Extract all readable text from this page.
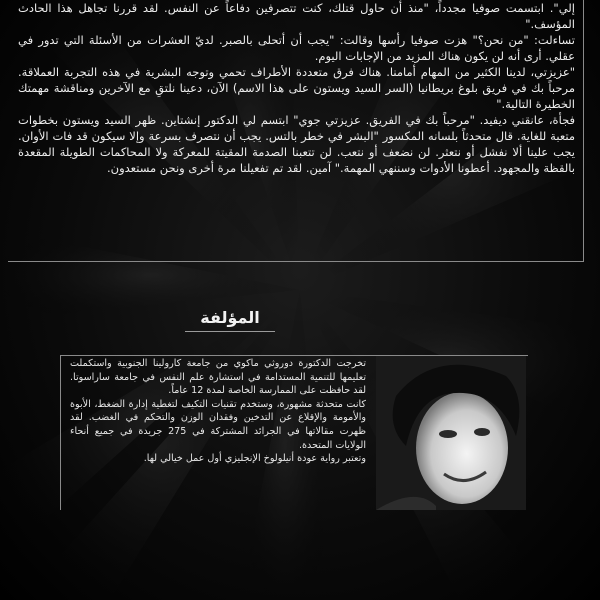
إلي". ابتسمت صوفيا مجدداً، "منذ أن حاول قتلك، كنت تتصرفين دفاعاً عن النفس. لقد قررنا تجاهل هذا الحادث المؤسف."

تساءلت: "من نحن؟" هزت صوفيا رأسها وقالت: "يجب أن أتحلى بالصبر. لديّ العشرات من الأسئلة التي تدور في عقلي. أرى أنه لن يكون هناك المزيد من الإجابات اليوم.

"عزيزتي، لدينا الكثير من المهام أمامنا. هناك فرق متعددة الأطراف تحمي وتوجه البشرية في هذه التجربة العملاقة. مرحباً بك في فريق بلوغ بريطانيا (السر السيد ويستون على هذا الاسم) الآن، دعينا نلتقِ مع الآخرين ومناقشة مهمتك الخطيرة التالية."

فجأة، عانقني ديفيد. "مرحباً بك في الفريق. عزيزتي جوي" ابتسم لي الدكتور إنشتاين. ظهر السيد ويستون بخطوات متعبة للغاية. قال متحدثاً بلسانه المكسور "البشر في خطر بالتس. يجب أن نتصرف بسرعة وإلا سيكون قد فات الأوان. يجب علينا ألا نفشل أو نتعثر. لن نضعف أو نتعب. لن تتعبنا الصدمة المقيتة للمعركة ولا المحاكمات الطويلة المقعدة بالقظة والمجهود. أعطونا الأدوات وسننهي المهمة." آمين. لقد تم تفعيلنا مرة أخرى ونحن مستعدون.

المؤلفة

تخرجت الدكتورة دوروثي ماكوي من جامعة كارولينا الجنوبية واستكملت تعليمها للتنمية المستدامة في استشارة علم النفس في جامعة ساراسوتا. لقد حافظت على الممارسة الخاصة لمدة 12 عاماً.

كانت متحدثة مشهورة، وستخدم تقنيات التكيف لتغطية إدارة الضغط، الأبوة والأمومة والإقلاع عن التدخين وفقدان الوزن والتحكم في الغضب. لقد ظهرت مقالاتها في الجرائد المشتركة في 275 جريدة في جميع أنحاء الولايات المتحدة.

وتعتبر رواية عودة أنيلولوخ الإنجليزي أول عمل خيالي لها.
